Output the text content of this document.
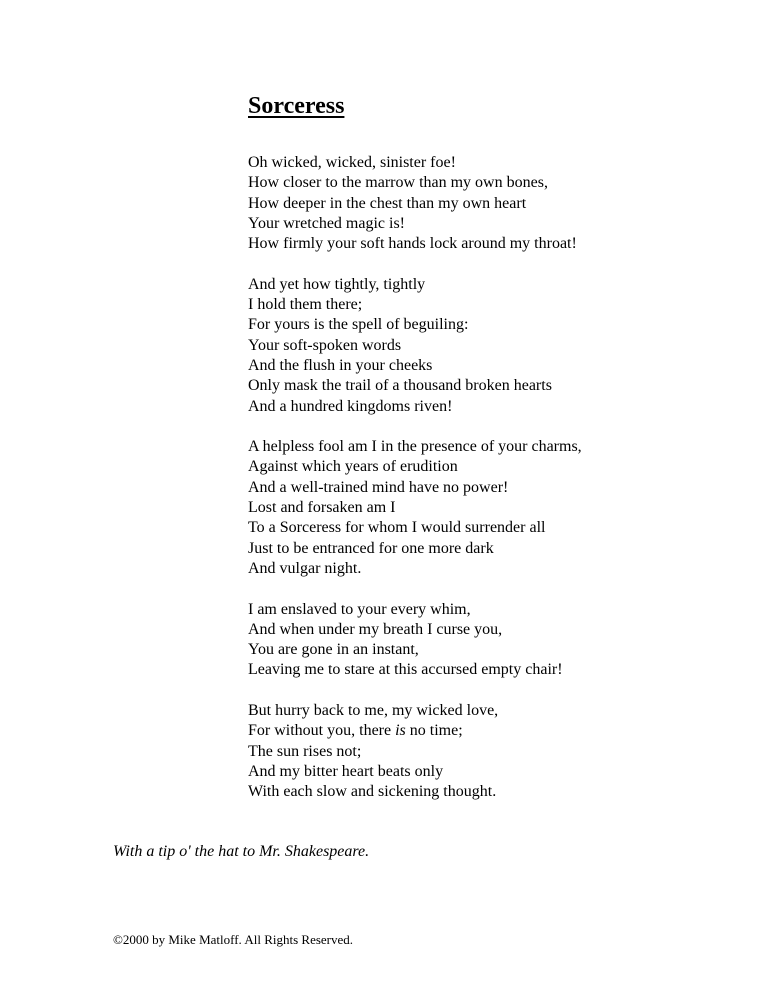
Sorceress
Oh wicked, wicked, sinister foe!
How closer to the marrow than my own bones,
How deeper in the chest than my own heart
Your wretched magic is!
How firmly your soft hands lock around my throat!
And yet how tightly, tightly
I hold them there;
For yours is the spell of beguiling:
Your soft-spoken words
And the flush in your cheeks
Only mask the trail of a thousand broken hearts
And a hundred kingdoms riven!
A helpless fool am I in the presence of your charms,
Against which years of erudition
And a well-trained mind have no power!
Lost and forsaken am I
To a Sorceress for whom I would surrender all
Just to be entranced for one more dark
And vulgar night.
I am enslaved to your every whim,
And when under my breath I curse you,
You are gone in an instant,
Leaving me to stare at this accursed empty chair!
But hurry back to me, my wicked love,
For without you, there is no time;
The sun rises not;
And my bitter heart beats only
With each slow and sickening thought.
With a tip o' the hat to Mr. Shakespeare.
©2000 by Mike Matloff. All Rights Reserved.
